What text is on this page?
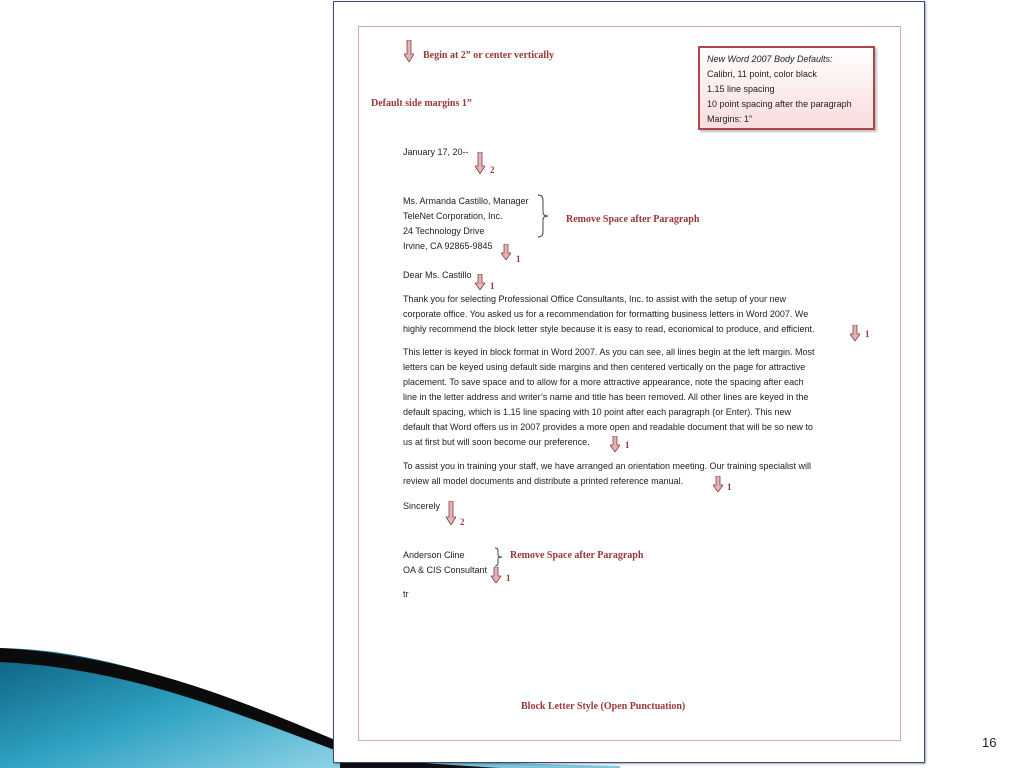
Begin at 2” or center vertically
Default side margins 1”
New Word 2007 Body Defaults:
Calibri, 11 point, color black
1.15 line spacing
10 point spacing after the paragraph
Margins: 1”
January 17, 20--
2
Ms. Armanda Castillo, Manager
TeleNet Corporation, Inc.
24 Technology Drive
Irvine, CA 92865-9845
Remove Space after Paragraph
1
Dear Ms. Castillo
1
Thank you for selecting Professional Office Consultants, Inc. to assist with the setup of your new
corporate office. You asked us for a recommendation for formatting business letters in Word 2007. We
highly recommend the block letter style because it is easy to read, economical to produce, and efficient.	1
This letter is keyed in block format in Word 2007. As you can see, all lines begin at the left margin. Most
letters can be keyed using default side margins and then centered vertically on the page for attractive
placement. To save space and to allow for a more attractive appearance, note the spacing after each
line in the letter address and writer’s name and title has been removed. All other lines are keyed in the
default spacing, which is 1.15 line spacing with 10 point after each paragraph (or Enter). This new
default that Word offers us in 2007 provides a more open and readable document that will be so new to
us at first but will soon become our preference.	1
To assist you in training your staff, we have arranged an orientation meeting. Our training specialist will
review all model documents and distribute a printed reference manual.
1
Sincerely
2
Anderson Cline
OA & CIS Consultant
Remove Space after Paragraph
1
tr
Block Letter Style (Open Punctuation)
16
